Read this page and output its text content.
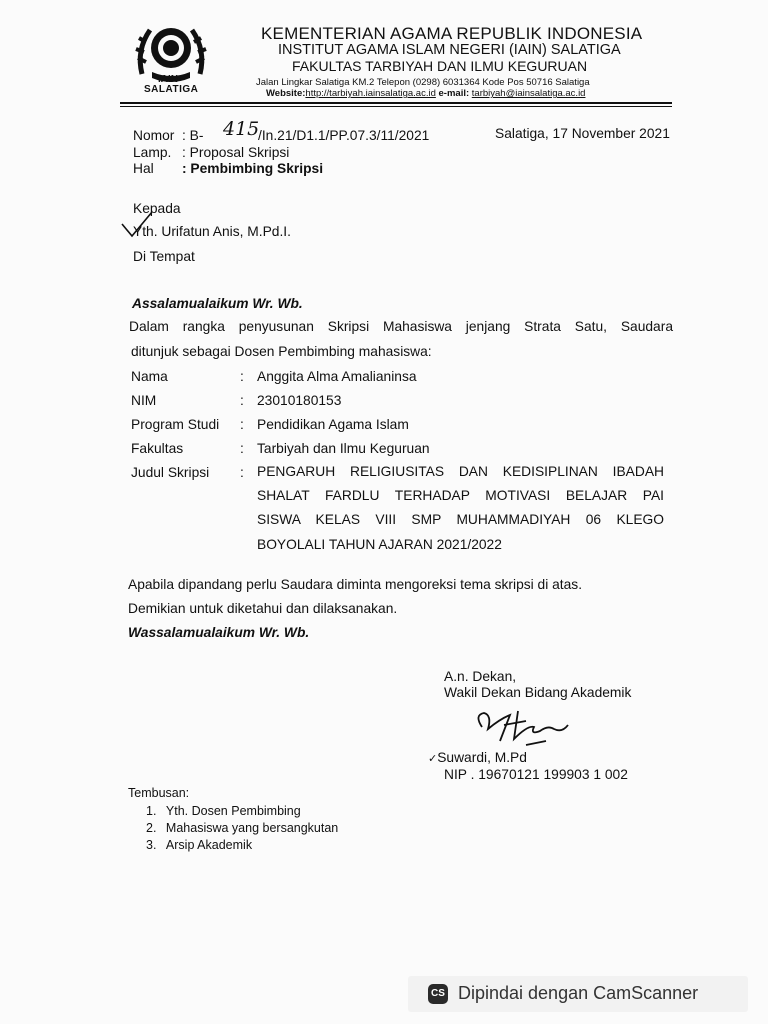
IAIN
SALATIGA
KEMENTERIAN AGAMA REPUBLIK INDONESIA
INSTITUT AGAMA ISLAM NEGERI (IAIN) SALATIGA
FAKULTAS TARBIYAH DAN ILMU KEGURUAN
Jalan Lingkar Salatiga KM.2 Telepon (0298) 6031364 Kode Pos 50716 Salatiga
Website:http://tarbiyah.iainsalatiga.ac.id e-mail: tarbiyah@iainsalatiga.ac.id
Nomor : B- 415
/In.21/D1.1/PP.07.3/11/2021	Salatiga, 17 November 2021
Lamp. : Proposal Skripsi
Hal : Pembimbing Skripsi
Kepada
Yth. Urifatun Anis, M.Pd.I.
Di Tempat
Assalamualaikum Wr. Wb.
Dalam rangka penyusunan Skripsi Mahasiswa jenjang Strata Satu, Saudara
ditunjuk sebagai Dosen Pembimbing mahasiswa:
Nama	: Anggita Alma Amalianinsa
NIM	: 23010180153
Program Studi : Pendidikan Agama Islam
Fakultas	: Tarbiyah dan Ilmu Keguruan
Judul Skripsi : PENGARUH RELIGIUSITAS DAN KEDISIPLINAN IBADAH
SHALAT FARDLU TERHADAP MOTIVASI BELAJAR PAI
SISWA KELAS VIII SMP MUHAMMADIYAH 06 KLEGO
BOYOLALI TAHUN AJARAN 2021/2022
Apabila dipandang perlu Saudara diminta mengoreksi tema skripsi di atas.
Demikian untuk diketahui dan dilaksanakan.
Wassalamualaikum Wr. Wb.
A.n. Dekan,
Wakil Dekan Bidang Akademik
✓Suwardi, M.Pd
NIP . 19670121 199903 1 002
Tembusan:
1. Yth. Dosen Pembimbing
2. Mahasiswa yang bersangkutan
3. Arsip Akademik
CS Dipindai dengan CamScanner
